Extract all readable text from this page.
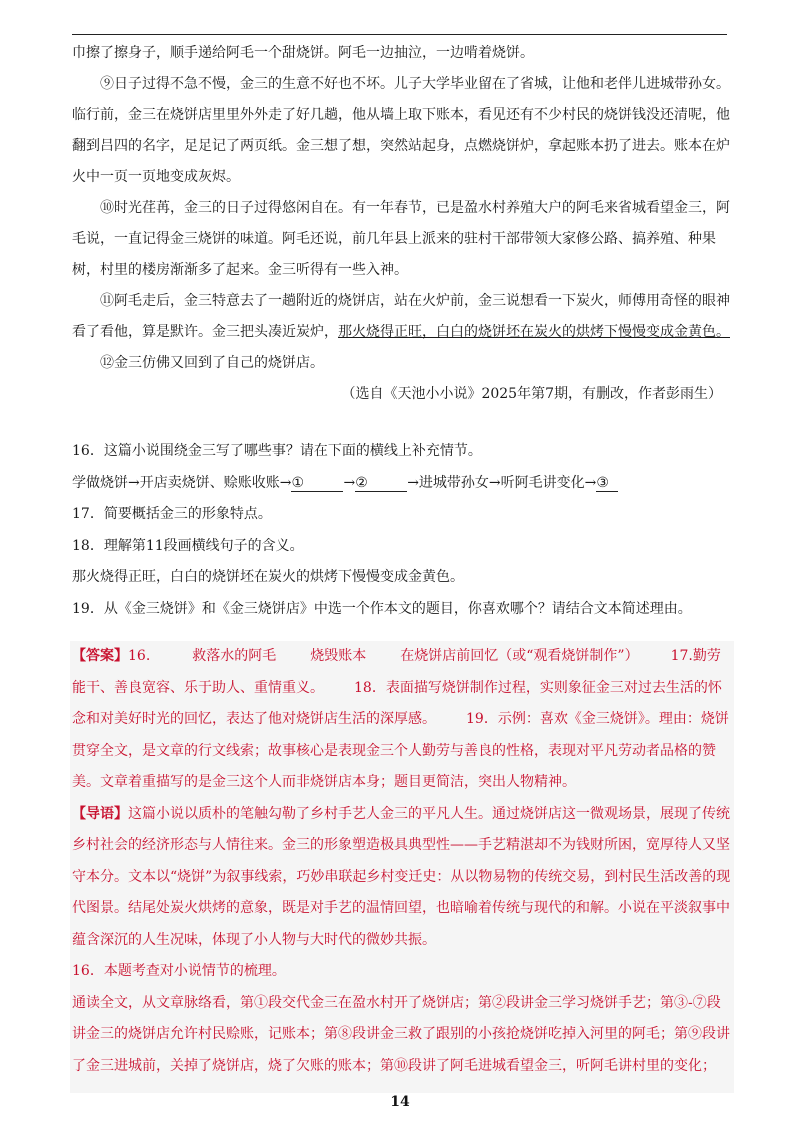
巾擦了擦身子，顺手递给阿毛一个甜烧饼。阿毛一边抽泣，一边啃着烧饼。

⑨日子过得不急不慢，金三的生意不好也不坏。儿子大学毕业留在了省城，让他和老伴儿进城带孙女。临行前，金三在烧饼店里里外外走了好几趟，他从墙上取下账本，看见还有不少村民的烧饼钱没还清呢，他翻到吕四的名字，足足记了两页纸。金三想了想，突然站起身，点燃烧饼炉，拿起账本扔了进去。账本在炉火中一页一页地变成灰烬。

⑩时光荏苒，金三的日子过得悠闲自在。有一年春节，已是盈水村养殖大户的阿毛来省城看望金三，阿毛说，一直记得金三烧饼的味道。阿毛还说，前几年县上派来的驻村干部带领大家修公路、搞养殖、种果树，村里的楼房渐渐多了起来。金三听得有一些入神。

⑪阿毛走后，金三特意去了一趟附近的烧饼店，站在火炉前，金三说想看一下炭火，师傅用奇怪的眼神看了看他，算是默许。金三把头凑近炭炉，那火烧得正旺，白白的烧饼坯在炭火的烘烤下慢慢变成金黄色。

⑫金三仿佛又回到了自己的烧饼店。

（选自《天池小小说》2025年第7期，有删改，作者彭雨生）

16．这篇小说围绕金三写了哪些事？请在下面的横线上补充情节。

学做烧饼→开店卖烧饼、赊账收账→①	→②	→进城带孙女→听阿毛讲变化→③

17．简要概括金三的形象特点。

18．理解第11段画横线句子的含义。

那火烧得正旺，白白的烧饼坯在炭火的烘烤下慢慢变成金黄色。

19．从《金三烧饼》和《金三烧饼店》中选一个作本文的题目，你喜欢哪个？请结合文本简述理由。

【答案】16.	救落水的阿毛 烧毁账本 在烧饼店前回忆（或“观看烧饼制作”） 17.勤劳能干、善良宽容、乐于助人、重情重义。 18．表面描写烧饼制作过程，实则象征金三对过去生活的怀念和对美好时光的回忆，表达了他对烧饼店生活的深厚感。 19．示例：喜欢《金三烧饼》。理由：烧饼贯穿全文，是文章的行文线索；故事核心是表现金三个人勤劳与善良的性格，表现对平凡劳动者品格的赞美。文章着重描写的是金三这个人而非烧饼店本身；题目更简洁，突出人物精神。

【导语】这篇小说以质朴的笔触勾勒了乡村手艺人金三的平凡人生。通过烧饼店这一微观场景，展现了传统乡村社会的经济形态与人情往来。金三的形象塑造极具典型性——手艺精湛却不为钱财所困，宽厚待人又坚守本分。文本以“烧饼”为叙事线索，巧妙串联起乡村变迁史：从以物易物的传统交易，到村民生活改善的现代图景。结尾处炭火烘烤的意象，既是对手艺的温情回望，也暗喻着传统与现代的和解。小说在平淡叙事中蕴含深沉的人生况味，体现了小人物与大时代的微妙共振。

16．本题考查对小说情节的梳理。

通读全文，从文章脉络看，第①段交代金三在盈水村开了烧饼店；第②段讲金三学习烧饼手艺；第③-⑦段讲金三的烧饼店允许村民赊账，记账本；第⑧段讲金三救了跟别的小孩抢烧饼吃掉入河里的阿毛；第⑨段讲了金三进城前，关掉了烧饼店，烧了欠账的账本；第⑩段讲了阿毛进城看望金三，听阿毛讲村里的变化；

14
